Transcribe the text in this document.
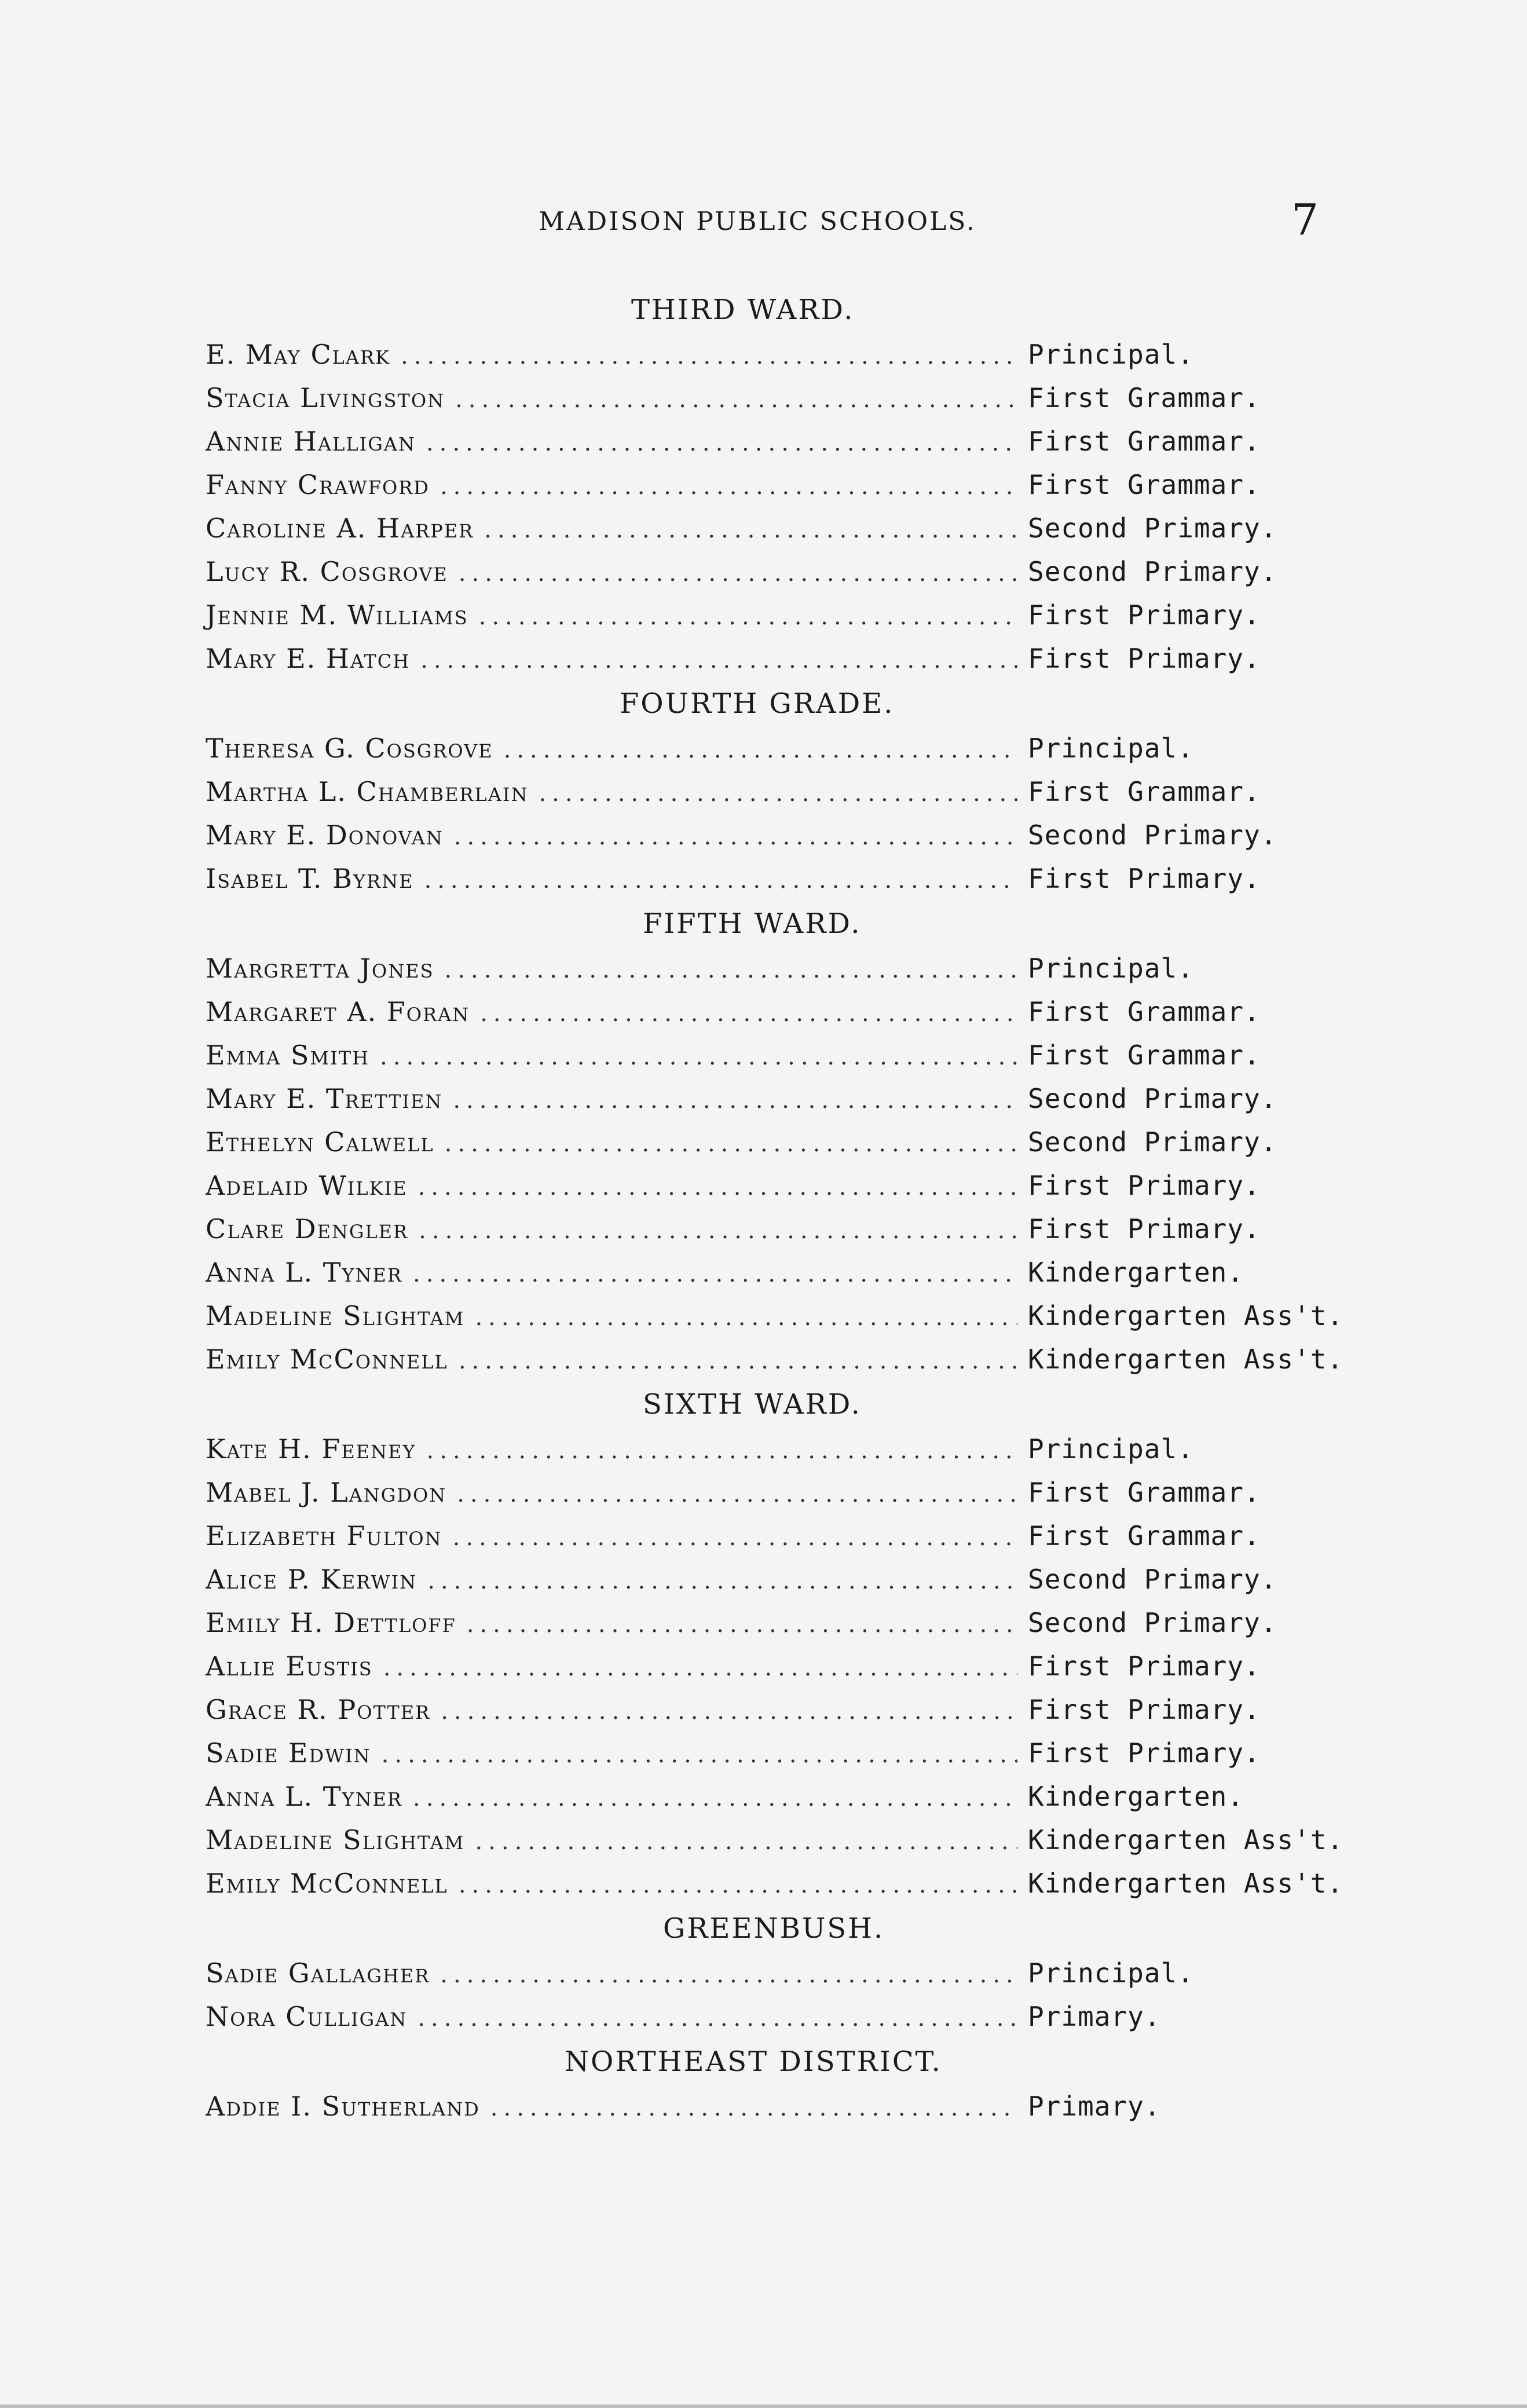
MADISON PUBLIC SCHOOLS.	7
THIRD WARD.
E. May Clark .....	Principal.
Stacia Livingston .....	First Grammar.
Annie Halligan .....	First Grammar.
Fanny Crawford .....	First Grammar.
Caroline A. Harper .....	Second Primary.
Lucy R. Cosgrove .....	Second Primary.
Jennie M. Williams .....	First Primary.
Mary E. Hatch .....	First Primary.
FOURTH GRADE.
Theresa G. Cosgrove .....	Principal.
Martha L. Chamberlain .....	First Grammar.
Mary E. Donovan .....	Second Primary.
Isabel T. Byrne .....	First Primary.
FIFTH WARD.
Margretta Jones .....	Principal.
Margaret A. Foran .....	First Grammar.
Emma Smith .....	First Grammar.
Mary E. Trettien .....	Second Primary.
Ethelyn Calwell .....	Second Primary.
Adelaid Wilkie .....	First Primary.
Clare Dengler .....	First Primary.
Anna L. Tyner .....	Kindergarten.
Madeline Slightam .....	Kindergarten Ass't.
Emily McConnell .....	Kindergarten Ass't.
SIXTH WARD.
Kate H. Feeney .....	Principal.
Mabel J. Langdon .....	First Grammar.
Elizabeth Fulton .....	First Grammar.
Alice P. Kerwin .....	Second Primary.
Emily H. Dettloff .....	Second Primary.
Allie Eustis .....	First Primary.
Grace R. Potter .....	First Primary.
Sadie Edwin .....	First Primary.
Anna L. Tyner .....	Kindergarten.
Madeline Slightam .....	Kindergarten Ass't.
Emily McConnell .....	Kindergarten Ass't.
GREENBUSH.
Sadie Gallagher .....	Principal.
Nora Culligan .....	Primary.
NORTHEAST DISTRICT.
Addie I. Sutherland .....	Primary.
